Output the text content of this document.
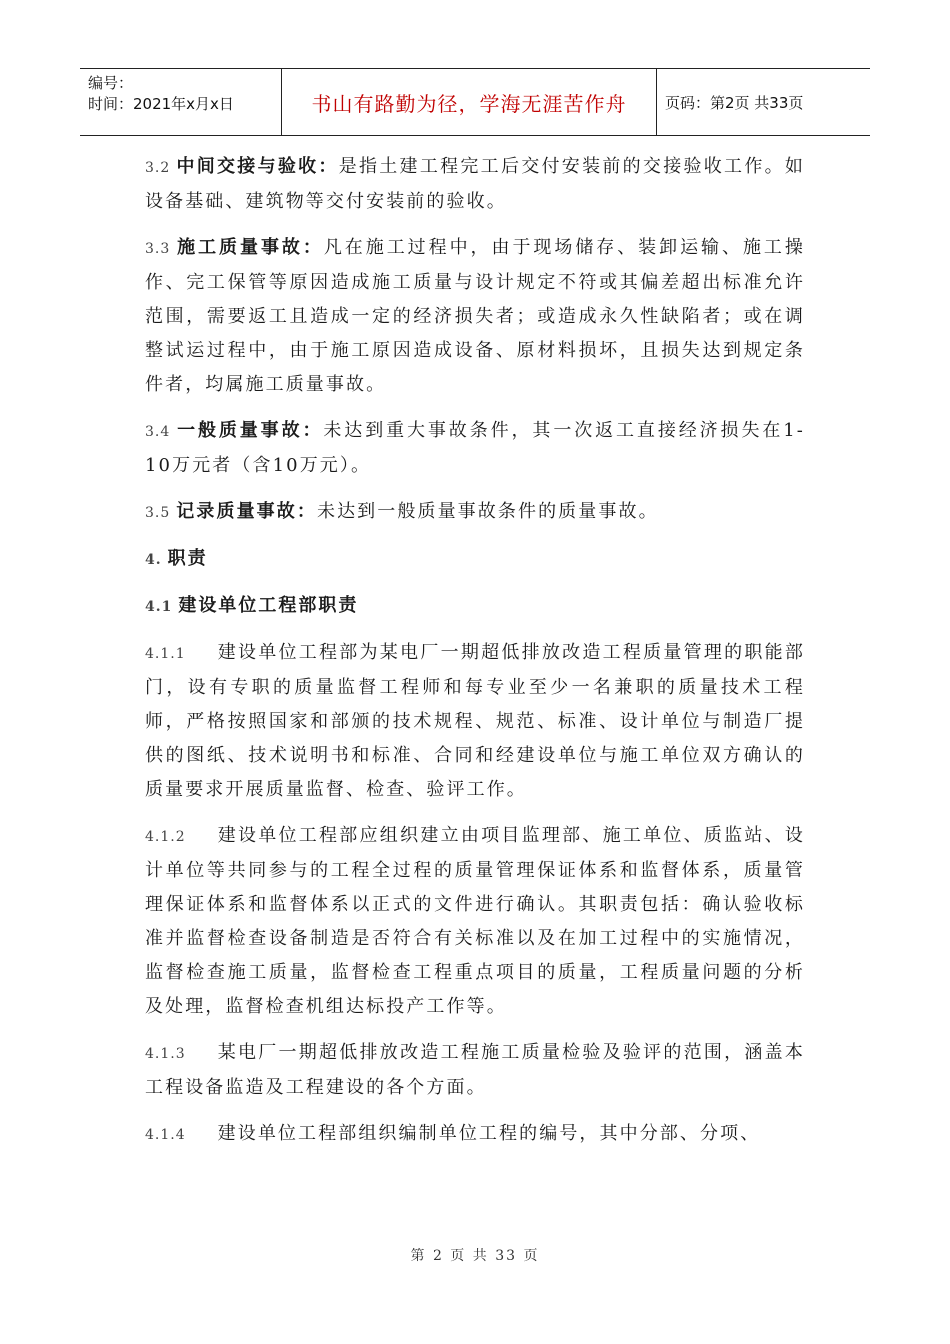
编号：
时间：2021年x月x日	书山有路勤为径，学海无涯苦作舟	页码：第2页 共33页

3.2 中间交接与验收：是指土建工程完工后交付安装前的交接验收工作。如设备基础、建筑物等交付安装前的验收。

3.3 施工质量事故：凡在施工过程中，由于现场储存、装卸运输、施工操作、完工保管等原因造成施工质量与设计规定不符或其偏差超出标准允许范围，需要返工且造成一定的经济损失者；或造成永久性缺陷者；或在调整试运过程中，由于施工原因造成设备、原材料损坏，且损失达到规定条件者，均属施工质量事故。

3.4 一般质量事故：未达到重大事故条件，其一次返工直接经济损失在1-10万元者（含10万元）。

3.5 记录质量事故：未达到一般质量事故条件的质量事故。

4. 职责

4.1 建设单位工程部职责

4.1.1 建设单位工程部为某电厂一期超低排放改造工程质量管理的职能部门，设有专职的质量监督工程师和每专业至少一名兼职的质量技术工程师，严格按照国家和部颁的技术规程、规范、标准、设计单位与制造厂提供的图纸、技术说明书和标准、合同和经建设单位与施工单位双方确认的质量要求开展质量监督、检查、验评工作。

4.1.2 建设单位工程部应组织建立由项目监理部、施工单位、质监站、设计单位等共同参与的工程全过程的质量管理保证体系和监督体系，质量管理保证体系和监督体系以正式的文件进行确认。其职责包括：确认验收标准并监督检查设备制造是否符合有关标准以及在加工过程中的实施情况，监督检查施工质量，监督检查工程重点项目的质量，工程质量问题的分析及处理，监督检查机组达标投产工作等。

4.1.3 某电厂一期超低排放改造工程施工质量检验及验评的范围，涵盖本工程设备监造及工程建设的各个方面。

4.1.4 建设单位工程部组织编制单位工程的编号，其中分部、分项、

第 2 页 共 33 页
